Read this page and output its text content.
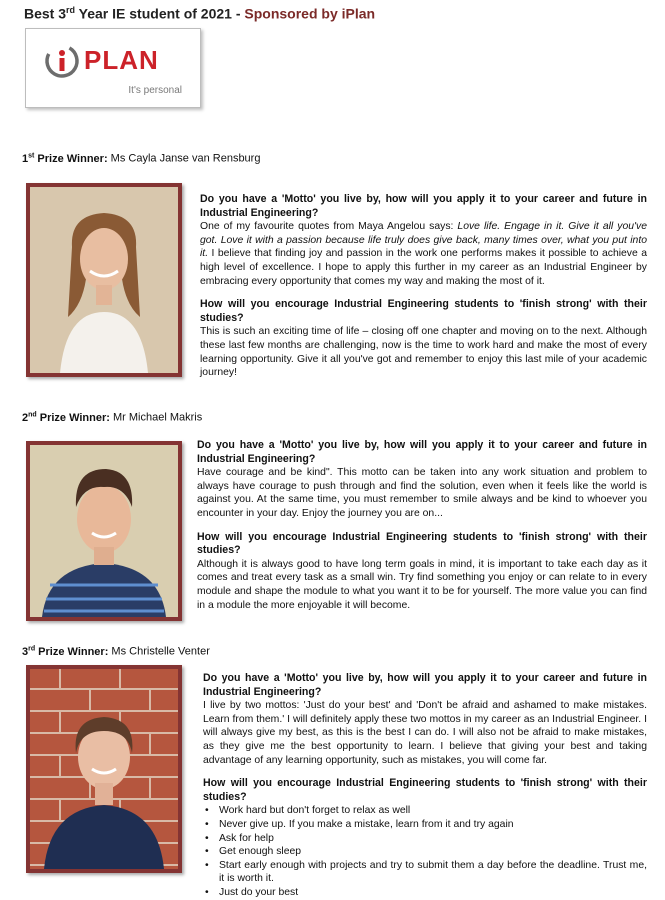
Best 3rd Year IE student of 2021 - Sponsored by iPlan
PLAN
It's personal
1st Prize Winner: Ms Cayla Janse van Rensburg
Do you have a 'Motto' you live by, how will you apply it to your career and future in Industrial Engineering?
One of my favourite quotes from Maya Angelou says: Love life. Engage in it. Give it all you've got. Love it with a passion because life truly does give back, many times over, what you put into it. I believe that finding joy and passion in the work one performs makes it possible to achieve a high level of excellence. I hope to apply this further in my career as an Industrial Engineer by embracing every opportunity that comes my way and making the most of it.
How will you encourage Industrial Engineering students to 'finish strong' with their studies?
This is such an exciting time of life – closing off one chapter and moving on to the next. Although these last few months are challenging, now is the time to work hard and make the most of every learning opportunity. Give it all you've got and remember to enjoy this last mile of your academic journey!
2nd Prize Winner: Mr Michael Makris
Do you have a 'Motto' you live by, how will you apply it to your career and future in Industrial Engineering?
Have courage and be kind". This motto can be taken into any work situation and problem to always have courage to push through and find the solution, even when it feels like the world is against you. At the same time, you must remember to smile always and be kind to whoever you encounter in your day. Enjoy the journey you are on...
How will you encourage Industrial Engineering students to 'finish strong' with their studies?
Although it is always good to have long term goals in mind, it is important to take each day as it comes and treat every task as a small win. Try find something you enjoy or can relate to in every module and shape the module to what you want it to be for yourself. The more value you can find in a module the more enjoyable it will become.
3rd Prize Winner: Ms Christelle Venter
Do you have a 'Motto' you live by, how will you apply it to your career and future in Industrial Engineering?
I live by two mottos: 'Just do your best' and 'Don't be afraid and ashamed to make mistakes. Learn from them.' I will definitely apply these two mottos in my career as an Industrial Engineer. I will always give my best, as this is the best I can do. I will also not be afraid to make mistakes, as they give me the best opportunity to learn. I believe that giving your best and taking advantage of any learning opportunity, such as mistakes, you will come far.
How will you encourage Industrial Engineering students to 'finish strong' with their studies?
• Work hard but don't forget to relax as well
• Never give up. If you make a mistake, learn from it and try again
• Ask for help
• Get enough sleep
• Start early enough with projects and try to submit them a day before the deadline. Trust me, it is worth it.
• Just do your best
